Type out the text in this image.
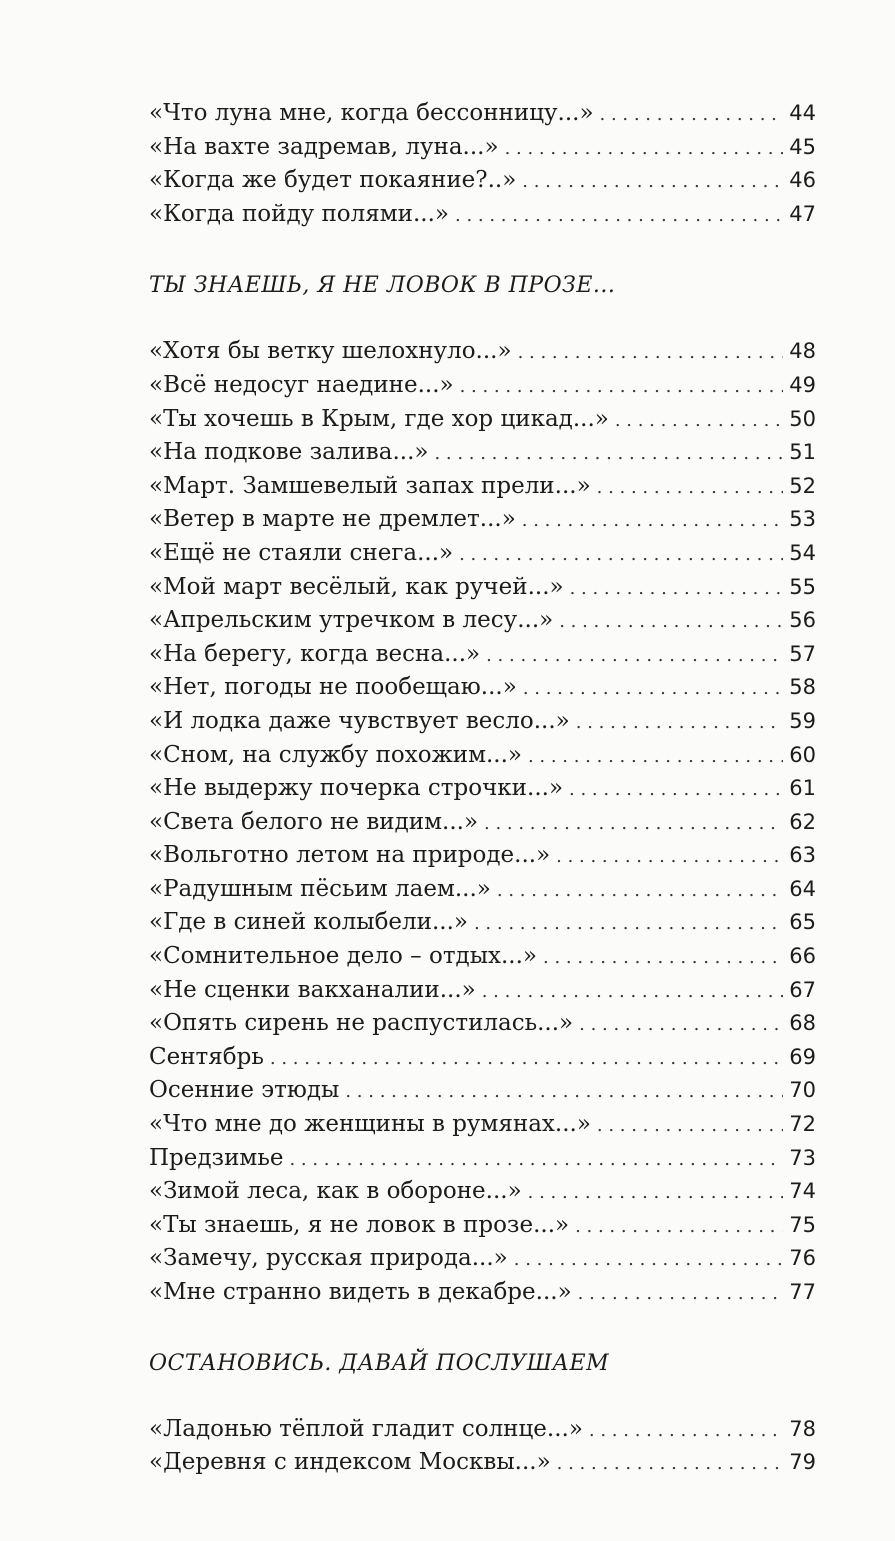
«Что луна мне, когда бессонницу...» . . .	44
«На вахте задремав, луна...» . . .	45
«Когда же будет покаяние?..» . . .	46
«Когда пойду полями...» . . .	47
ТЫ ЗНАЕШЬ, Я НЕ ЛОВОК В ПРОЗЕ...
«Хотя бы ветку шелохнуло...» . . .	48
«Всё недосуг наедине...» . . .	49
«Ты хочешь в Крым, где хор цикад...» . . .	50
«На подкове залива...» . . .	51
«Март. Замшевелый запах прели...» . . .	52
«Ветер в марте не дремлет...» . . .	53
«Ещё не стаяли снега...» . . .	54
«Мой март весёлый, как ручей...» . . .	55
«Апрельским утречком в лесу...» . . .	56
«На берегу, когда весна...» . . .	57
«Нет, погоды не пообещаю...» . . .	58
«И лодка даже чувствует весло...» . . .	59
«Сном, на службу похожим...» . . .	60
«Не выдержу почерка строчки...» . . .	61
«Света белого не видим...» . . .	62
«Вольготно летом на природе...» . . .	63
«Радушным пёсьим лаем...» . . .	64
«Где в синей колыбели...» . . .	65
«Сомнительное дело – отдых...» . . .	66
«Не сценки вакханалии...» . . .	67
«Опять сирень не распустилась...» . . .	68
Сентябрь . . .	69
Осенние этюды . . .	70
«Что мне до женщины в румянах...» . . .	72
Предзимье . . .	73
«Зимой леса, как в обороне...» . . .	74
«Ты знаешь, я не ловок в прозе...» . . .	75
«Замечу, русская природа...» . . .	76
«Мне странно видеть в декабре...» . . .	77
ОСТАНОВИСЬ. ДАВАЙ ПОСЛУШАЕМ
«Ладонью тёплой гладит солнце...» . . .	78
«Деревня с индексом Москвы...» . . .	79
